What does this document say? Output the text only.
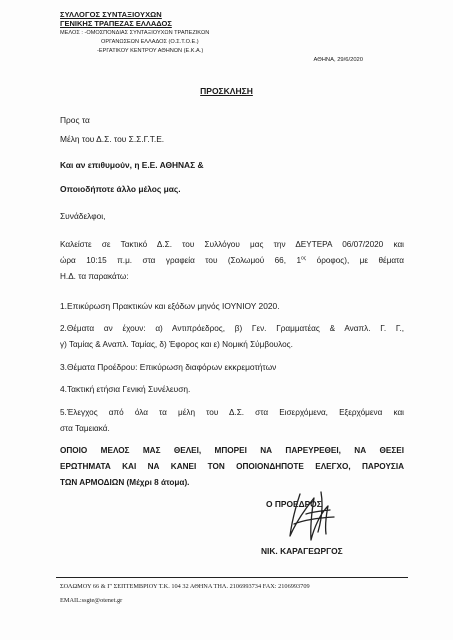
ΣΥΛΛΟΓΟΣ ΣΥΝΤΑΞΙΟΥΧΩΝ
ΓΕΝΙΚΗΣ ΤΡΑΠΕΖΑΣ ΕΛΛΑΔΟΣ
ΜΕΛΟΣ : -ΟΜΟΣΠΟΝΔΙΑΣ ΣΥΝΤΑΞΙΟΥΧΩΝ ΤΡΑΠΕΖΙΚΩΝ
ΟΡΓΑΝΩΣΕΩΝ ΕΛΛΑΔΟΣ (Ο.Σ.Τ.Ο.Ε.)
-ΕΡΓΑΤΙΚΟΥ ΚΕΝΤΡΟΥ ΑΘΗΝΩΝ (Ε.Κ.Α.)
ΑΘΗΝΑ, 29/6/2020
ΠΡΟΣΚΛΗΣΗ
Προς τα
Μέλη του Δ.Σ. του Σ.Σ.Γ.Τ.Ε.
Και αν επιθυμούν, η Ε.Ε. ΑΘΗΝΑΣ &
Οποιοδήποτε άλλο μέλος μας.
Συνάδελφοι,
Καλείστε σε Τακτικό Δ.Σ. του Συλλόγου μας την ΔΕΥΤΕΡΑ 06/07/2020 και
ώρα 10:15 π.μ. στα γραφεία του (Σολωμού 66, $1^{o\varsigma}$ όροφος), με θέματα
Η.Δ. τα παρακάτω:
1.Επικύρωση Πρακτικών και εξόδων μηνός ΙΟΥΝΙΟΥ 2020.
2.Θέματα αν έχουν: α) Αντιπρόεδρος, β) Γεν. Γραμματέας & Αναπλ. Γ. Γ.,
γ) Ταμίας & Αναπλ. Ταμίας, δ) Έφορος και ε) Νομική Σύμβουλος.
3.Θέματα Προέδρου: Επικύρωση διαφόρων εκκρεμοτήτων
4.Τακτική ετήσια Γενική Συνέλευση.
5.Έλεγχος από όλα τα μέλη του Δ.Σ. στα Εισερχόμενα, Εξερχόμενα και
στα Ταμειακά.
ΟΠΟΙΟ ΜΕΛΟΣ ΜΑΣ ΘΕΛΕΙ, ΜΠΟΡΕΙ ΝΑ ΠΑΡΕΥΡΕΘΕΙ, ΝΑ ΘΕΣΕΙ
ΕΡΩΤΗΜΑΤΑ ΚΑΙ ΝΑ ΚΑΝΕΙ ΤΟΝ ΟΠΟΙΟΝΔΗΠΟΤΕ ΕΛΕΓΧΟ, ΠΑΡΟΥΣΙΑ
ΤΩΝ ΑΡΜΟΔΙΩΝ (Μέχρι 8 άτομα).
Ο ΠΡΟΕΔΡΟΣ
ΝΙΚ. ΚΑΡΑΓΕΩΡΓΟΣ
ΣΟΛΩΜΟΥ 66 & Γ' ΣΕΠΤΕΜΒΡΙΟΥ Τ.Κ. 104 32 ΑΘΗΝΑ ΤΗΛ. 2106993734 FAX: 2106993709
EMAIL:ssgte@otenet.gr
